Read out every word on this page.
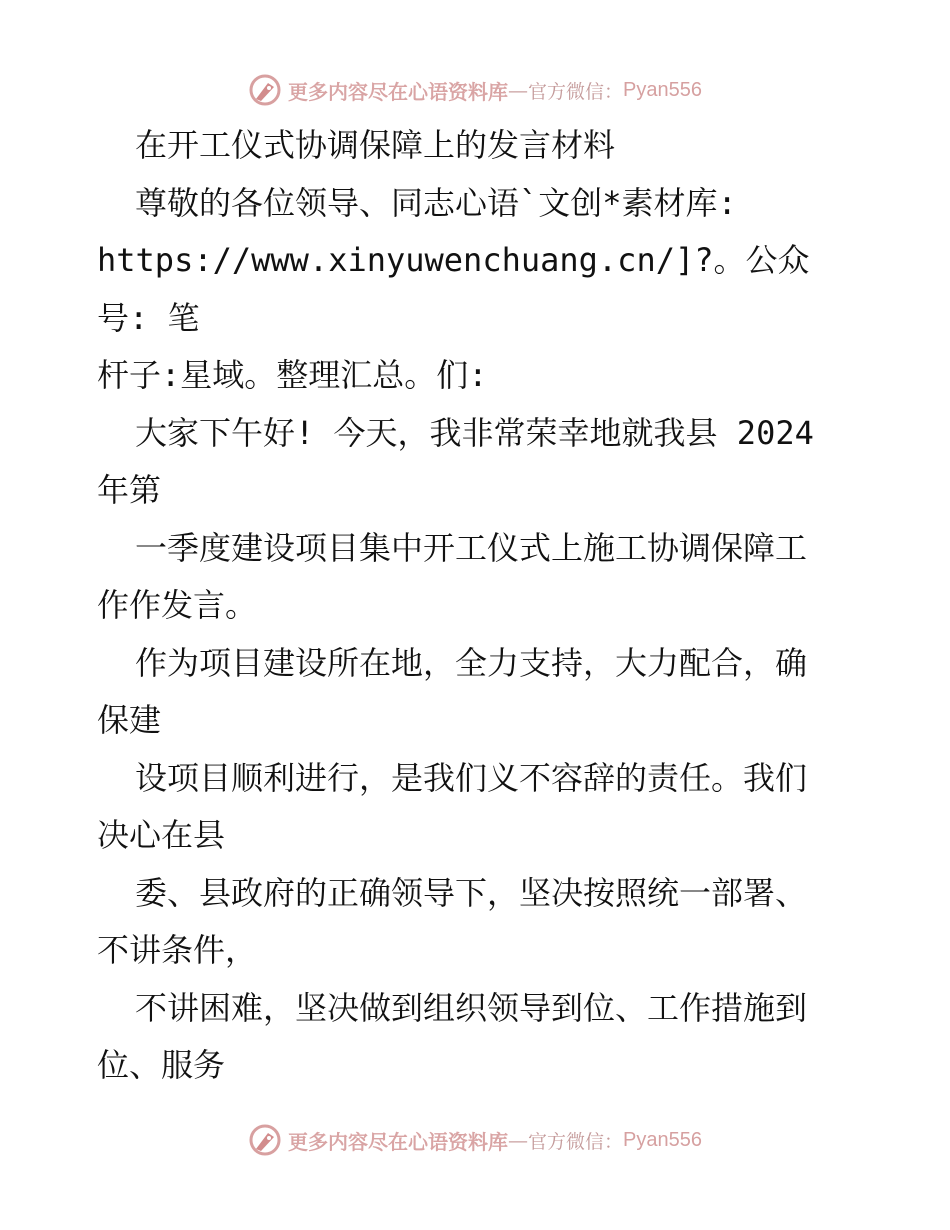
更多内容尽在心语资料库 — 官方微信： Pyan556

在开工仪式协调保障上的发言材料

尊敬的各位领导、同志心语`文创*素材库:

https://www.xinyuwenchuang.cn/]?。公众号: 笔

杆子:星域。整理汇总。们:

大家下午好! 今天，我非常荣幸地就我县 2024

年第

一季度建设项目集中开工仪式上施工协调保障工

作作发言。

作为项目建设所在地，全力支持，大力配合，确

保建

设项目顺利进行，是我们义不容辞的责任。我们

决心在县

委、县政府的正确领导下，坚决按照统一部署、

不讲条件，

不讲困难，坚决做到组织领导到位、工作措施到

位、服务

更多内容尽在心语资料库 — 官方微信： Pyan556
